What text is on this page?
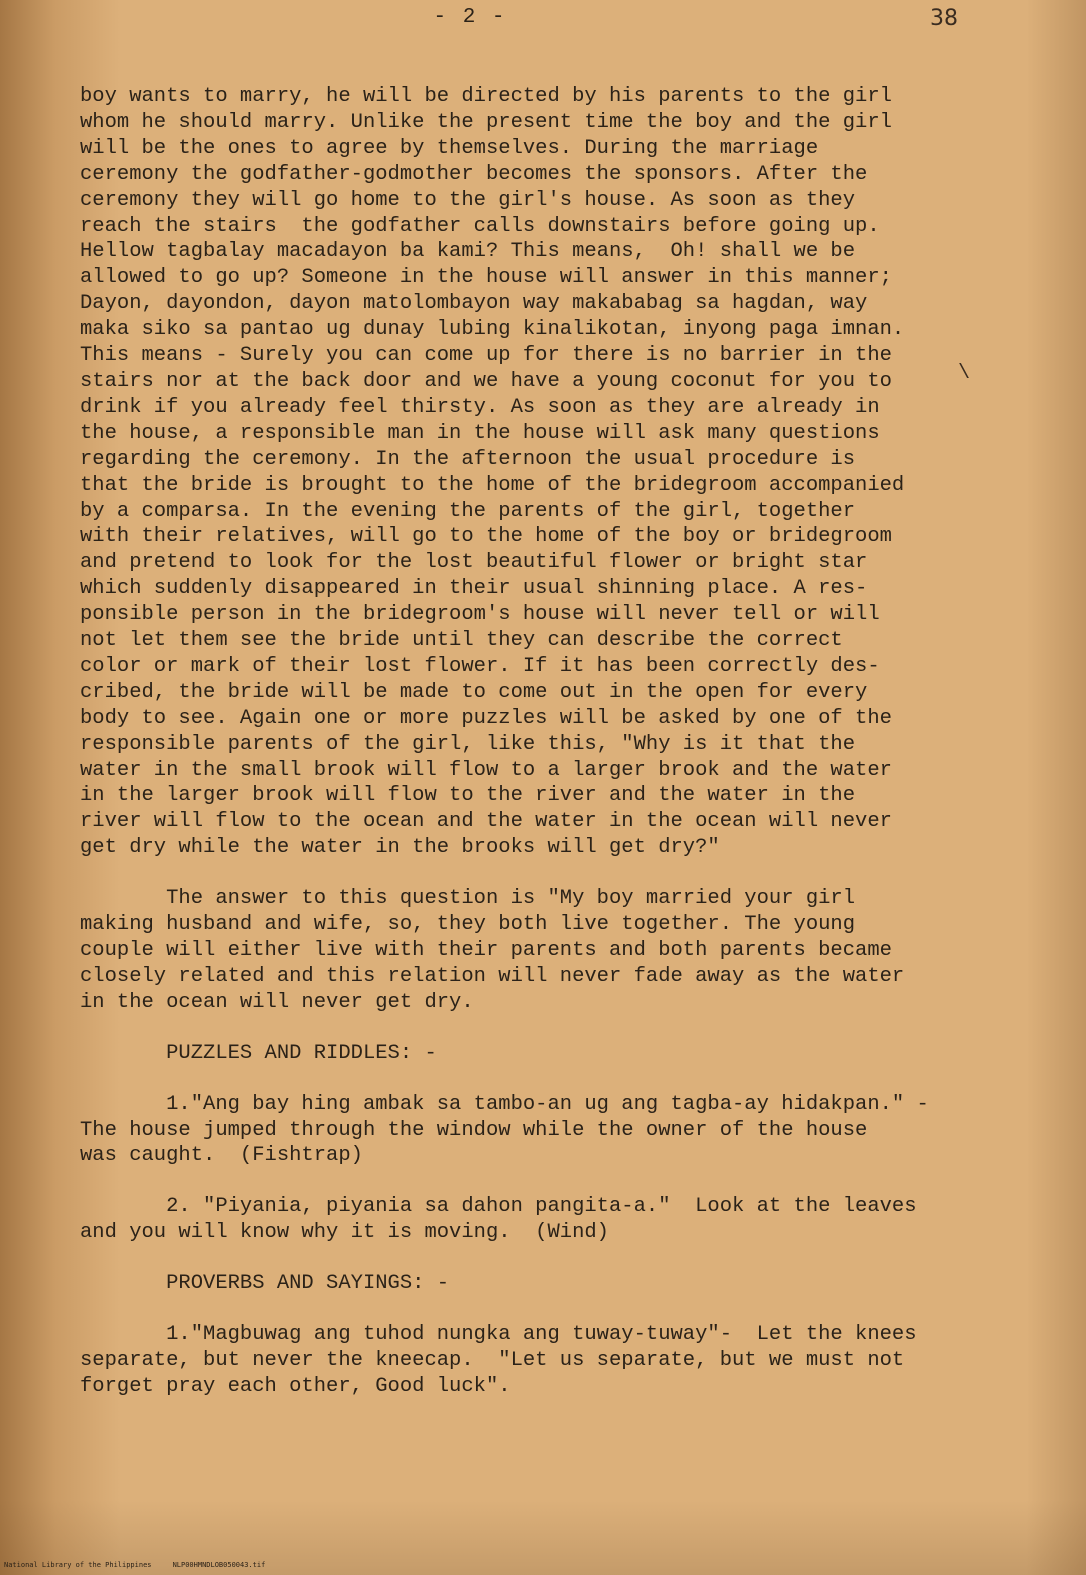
- 2 -	38
\
boy wants to marry, he will be directed by his parents to the girl
whom he should marry. Unlike the present time the boy and the girl
will be the ones to agree by themselves. During the marriage
ceremony the godfather-godmother becomes the sponsors. After the
ceremony they will go home to the girl's house. As soon as they
reach the stairs  the godfather calls downstairs before going up.
Hellow tagbalay macadayon ba kami? This means,  Oh! shall we be
allowed to go up? Someone in the house will answer in this manner;
Dayon, dayondon, dayon matolombayon way makababag sa hagdan, way
maka siko sa pantao ug dunay lubing kinalikotan, inyong paga imnan.
This means - Surely you can come up for there is no barrier in the
stairs nor at the back door and we have a young coconut for you to
drink if you already feel thirsty. As soon as they are already in
the house, a responsible man in the house will ask many questions
regarding the ceremony. In the afternoon the usual procedure is
that the bride is brought to the home of the bridegroom accompanied
by a comparsa. In the evening the parents of the girl, together
with their relatives, will go to the home of the boy or bridegroom
and pretend to look for the lost beautiful flower or bright star
which suddenly disappeared in their usual shinning place. A res-
ponsible person in the bridegroom's house will never tell or will
not let them see the bride until they can describe the correct
color or mark of their lost flower. If it has been correctly des-
cribed, the bride will be made to come out in the open for every
body to see. Again one or more puzzles will be asked by one of the
responsible parents of the girl, like this, "Why is it that the
water in the small brook will flow to a larger brook and the water
in the larger brook will flow to the river and the water in the
river will flow to the ocean and the water in the ocean will never
get dry while the water in the brooks will get dry?"
The answer to this question is "My boy married your girl
making husband and wife, so, they both live together. The young
couple will either live with their parents and both parents became
closely related and this relation will never fade away as the water
in the ocean will never get dry.
PUZZLES AND RIDDLES: -
1."Ang bay hing ambak sa tambo-an ug ang tagba-ay hidakpan." -
The house jumped through the window while the owner of the house
was caught.  (Fishtrap)
2. "Piyania, piyania sa dahon pangita-a."  Look at the leaves
and you will know why it is moving.  (Wind)
PROVERBS AND SAYINGS: -
1."Magbuwag ang tuhod nungka ang tuway-tuway"-  Let the knees
separate, but never the kneecap.  "Let us separate, but we must not
forget pray each other, Good luck".
National Library of the Philippines     NLP00HMNDLOB050043.tif
